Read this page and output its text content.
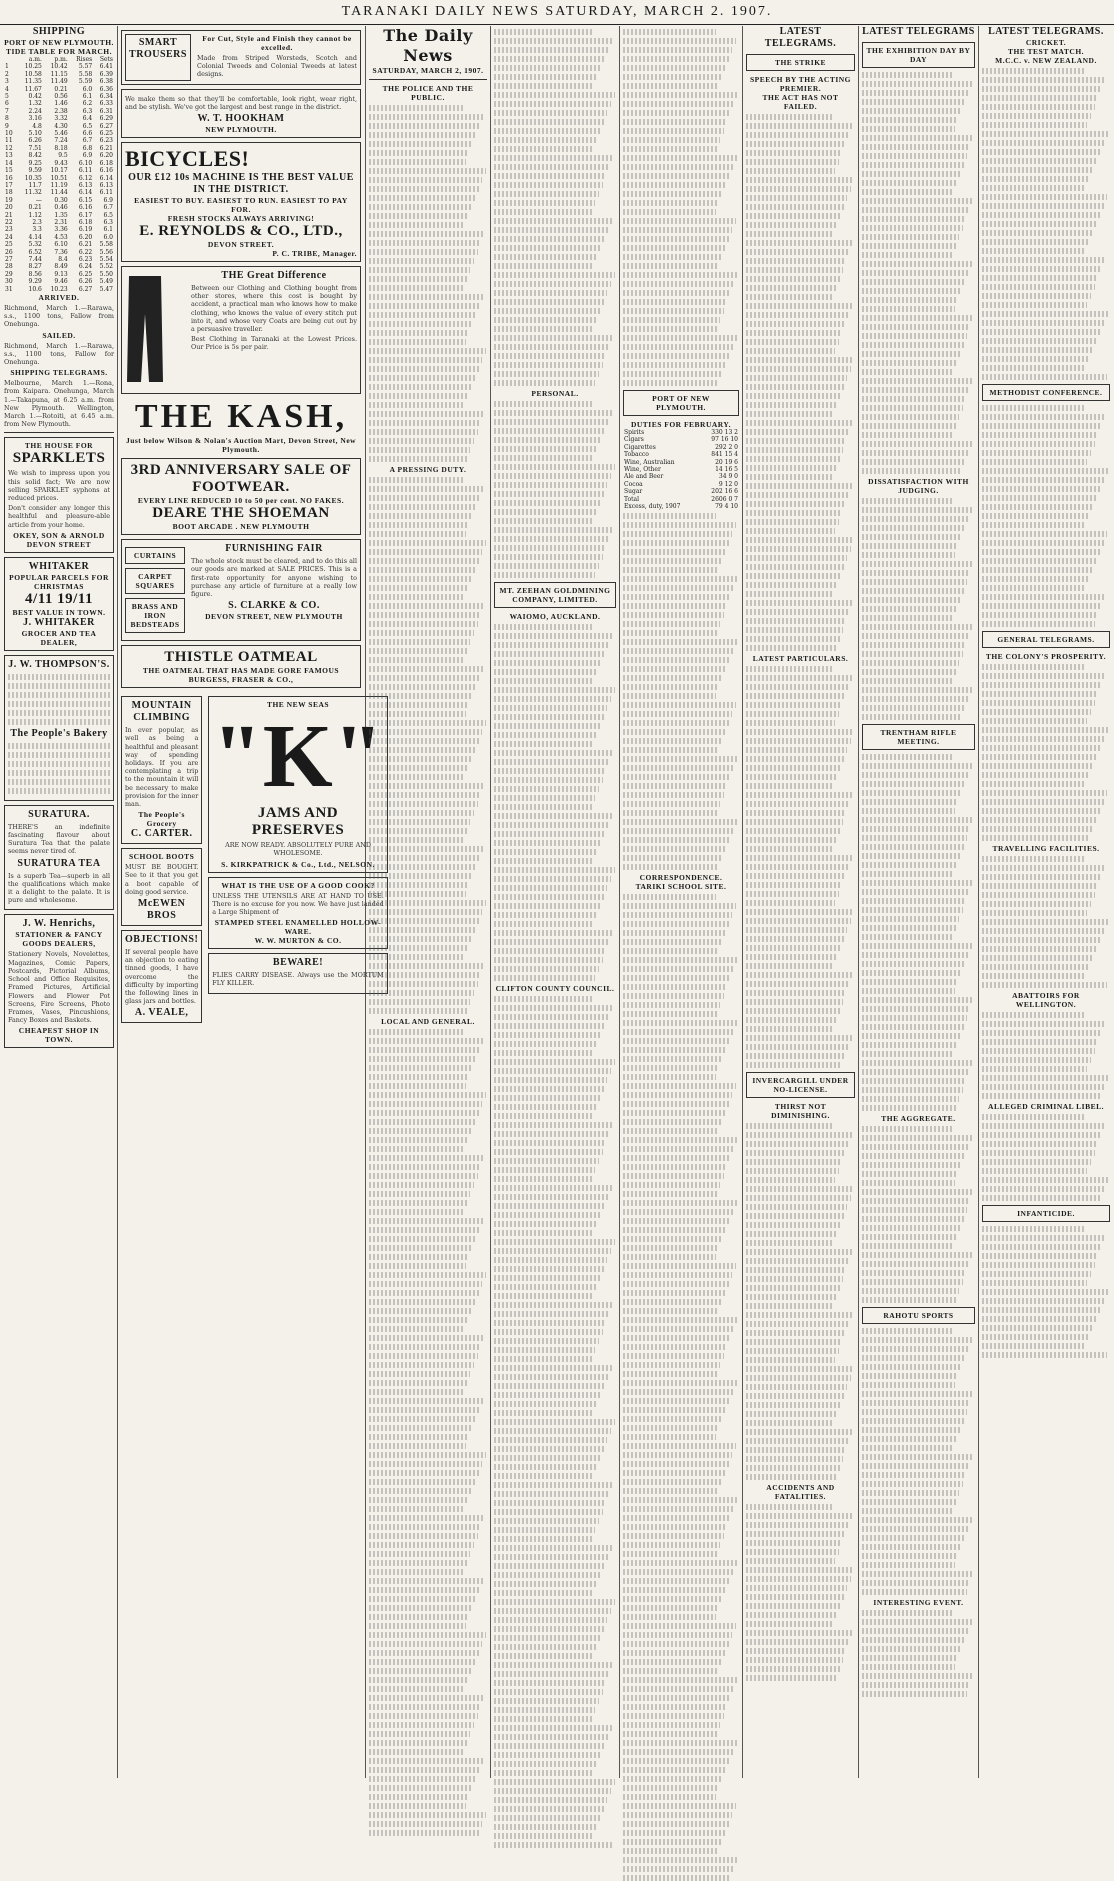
TARANAKI DAILY NEWS SATURDAY, MARCH 2. 1907.
SHIPPING
PORT OF NEW PLYMOUTH.
TIDE TABLE FOR MARCH.
	a.m.	p.m.	Rises	Sets
1	10.25	10.42	5.57	6.41
2	10.58	11.15	5.58	6.39
3	11.35	11.49	5.59	6.38
4	11.67	0.21	6.0	6.36
5	0.42	0.56	6.1	6.34
6	1.32	1.46	6.2	6.33
7	2.24	2.38	6.3	6.31
8	3.16	3.32	6.4	6.29
9	4.8	4.30	6.5	6.27
10	5.10	5.46	6.6	6.25
11	6.26	7.24	6.7	6.23
12	7.51	8.18	6.8	6.21
13	8.42	9.5	6.9	6.20
14	9.25	9.43	6.10	6.18
15	9.59	10.17	6.11	6.16
16	10.35	10.51	6.12	6.14
17	11.7	11.19	6.13	6.13
18	11.32	11.44	6.14	6.11
19	—	0.30	6.15	6.9
20	0.21	0.46	6.16	6.7
21	1.12	1.35	6.17	6.5
22	2.3	2.31	6.18	6.3
23	3.3	3.36	6.19	6.1
24	4.14	4.53	6.20	6.0
25	5.32	6.10	6.21	5.58
26	6.52	7.36	6.22	5.56
27	7.44	8.4	6.23	5.54
28	8.27	8.49	6.24	5.52
29	8.56	9.13	6.25	5.50
30	9.29	9.46	6.26	5.49
31	10.6	10.23	6.27	5.47
ARRIVED.

Richmond, March 1.—Rarawa, s.s., 1100 tons, Fallow from Onehunga.

SAILED.

Richmond, March 1.—Rarawa, s.s., 1100 tons, Fallow for Onehunga.

SHIPPING TELEGRAMS.

Melbourne, March 1.—Rona, from Kaipara. Onehunga, March 1.—Takapuna, at 6.25 a.m. from New Plymouth. Wellington, March 1.—Rotoiti, at 6.45 a.m. from New Plymouth.

THE HOUSE FOR
SPARKLETS

We wish to impress upon you this solid fact; We are now selling SPARKLET syphons at reduced prices.

Don't consider any longer this healthful and pleasure-able article from your home.

OKEY, SON & ARNOLD
DEVON STREET
WHITAKER
POPULAR PARCELS FOR CHRISTMAS
4/11 19/11
BEST VALUE IN TOWN.
J. WHITAKER
GROCER AND TEA DEALER,
J. W. THOMPSON'S.
The People's Bakery
SURATURA.

THERE'S an indefinite fascinating flavour about Suratura Tea that the palate seems never tired of.

SURATURA TEA

Is a superb Tea—superb in all the qualifications which make it a delight to the palate. It is pure and wholesome.

J. W. Henrichs,
STATIONER & FANCY GOODS DEALERS,

Stationery Novels, Novelettes, Magazines, Comic Papers, Postcards, Pictorial Albums, School and Office Requisites, Framed Pictures, Artificial Flowers and Flower Pot Screens, Fire Screens, Photo Frames, Vases, Pincushions, Fancy Boxes and Baskets.

CHEAPEST SHOP IN TOWN.
SMART TROUSERS
For Cut, Style and Finish they cannot be excelled.

Made from Striped Worsteds, Scotch and Colonial Tweeds and Colonial Tweeds at latest designs.

We make them so that they'll be comfortable, look right, wear right, and be stylish. We've got the largest and best range in the district.

W. T. HOOKHAM
NEW PLYMOUTH.
BICYCLES!
OUR £12 10s MACHINE IS THE BEST VALUE IN THE DISTRICT.
EASIEST TO BUY. EASIEST TO RUN. EASIEST TO PAY FOR.
FRESH STOCKS ALWAYS ARRIVING!
E. REYNOLDS & CO., LTD.,
DEVON STREET.
P. C. TRIBE, Manager.
THE Great Difference

Between our Clothing and Clothing bought from other stores, where this cost is bought by accident, a practical man who knows how to make clothing, who knows the value of every stitch put into it, and whose very Coats are being cut out by a persuasive traveller.

Best Clothing in Taranaki at the Lowest Prices. Our Price is 5s per pair.

THE KASH,
Just below Wilson & Nolan's Auction Mart, Devon Street, New Plymouth.
3RD ANNIVERSARY SALE OF FOOTWEAR.
EVERY LINE REDUCED 10 to 50 per cent. NO FAKES.
DEARE THE SHOEMAN
BOOT ARCADE . NEW PLYMOUTH
CURTAINS
CARPET SQUARES
BRASS AND IRON BEDSTEADS
FURNISHING FAIR

The whole stock must be cleared, and to do this all our goods are marked at SALE PRICES. This is a first-rate opportunity for anyone wishing to purchase any article of furniture at a really low figure.

S. CLARKE & CO.
DEVON STREET, NEW PLYMOUTH
THISTLE OATMEAL
THE OATMEAL THAT HAS MADE GORE FAMOUS
BURGESS, FRASER & CO.,
MOUNTAIN CLIMBING

In ever popular, as well as being a healthful and pleasant way of spending holidays. If you are contemplating a trip to the mountain it will be necessary to make provision for the inner man.

The People's Grocery
C. CARTER.
SCHOOL BOOTS

MUST BE BOUGHT. See to it that you get a boot capable of doing good service.

McEWEN BROS
OBJECTIONS!

If several people have an objection to eating tinned goods, I have overcome the difficulty by importing the following lines in glass jars and bottles.

A. VEALE,
THE NEW SEAS
"K"
JAMS AND PRESERVES

ARE NOW READY. ABSOLUTELY PURE AND WHOLESOME.

S. KIRKPATRICK & Co., Ltd., NELSON.
WHAT IS THE USE OF A GOOD COOK?

UNLESS THE UTENSILS ARE AT HAND TO USE. There is no excuse for you now. We have just landed a Large Shipment of

STAMPED STEEL ENAMELLED HOLLOW-WARE.
W. W. MURTON & CO.
BEWARE!

FLIES CARRY DISEASE. Always use the MORTUM FLY KILLER.

The Daily News
SATURDAY, MARCH 2, 1907.
THE POLICE AND THE PUBLIC.
A PRESSING DUTY.
LOCAL AND GENERAL.
PERSONAL.
MT. ZEEHAN GOLDMINING COMPANY, LIMITED.
WAIOMO, AUCKLAND.
CLIFTON COUNTY COUNCIL.
PORT OF NEW PLYMOUTH.
DUTIES FOR FEBRUARY.
Spirits	330 13 2
Cigars	97 16 10
Cigarettes	292 2 0
Tobacco	841 15 4
Wine, Australian	20 19 6
Wine, Other	14 16 5
Ale and Beer	34 9 0
Cocoa	9 12 0
Sugar	202 16 6
Total	2606 0 7
Excess, duty, 1907	79 4 10
CORRESPONDENCE.
TARIKI SCHOOL SITE.
LATEST TELEGRAMS.
THE STRIKE
SPEECH BY THE ACTING PREMIER.
THE ACT HAS NOT FAILED.
LATEST PARTICULARS.
INVERCARGILL UNDER NO-LICENSE.
THIRST NOT DIMINISHING.
ACCIDENTS AND FATALITIES.
LATEST TELEGRAMS
THE EXHIBITION DAY BY DAY
DISSATISFACTION WITH JUDGING.
TRENTHAM RIFLE MEETING.
THE AGGREGATE.
RAHOTU SPORTS
INTERESTING EVENT.
LATEST TELEGRAMS.
CRICKET.
THE TEST MATCH.
M.C.C. v. NEW ZEALAND.
METHODIST CONFERENCE.
GENERAL TELEGRAMS.
THE COLONY'S PROSPERITY.
TRAVELLING FACILITIES.
ABATTOIRS FOR WELLINGTON.
ALLEGED CRIMINAL LIBEL.
INFANTICIDE.
